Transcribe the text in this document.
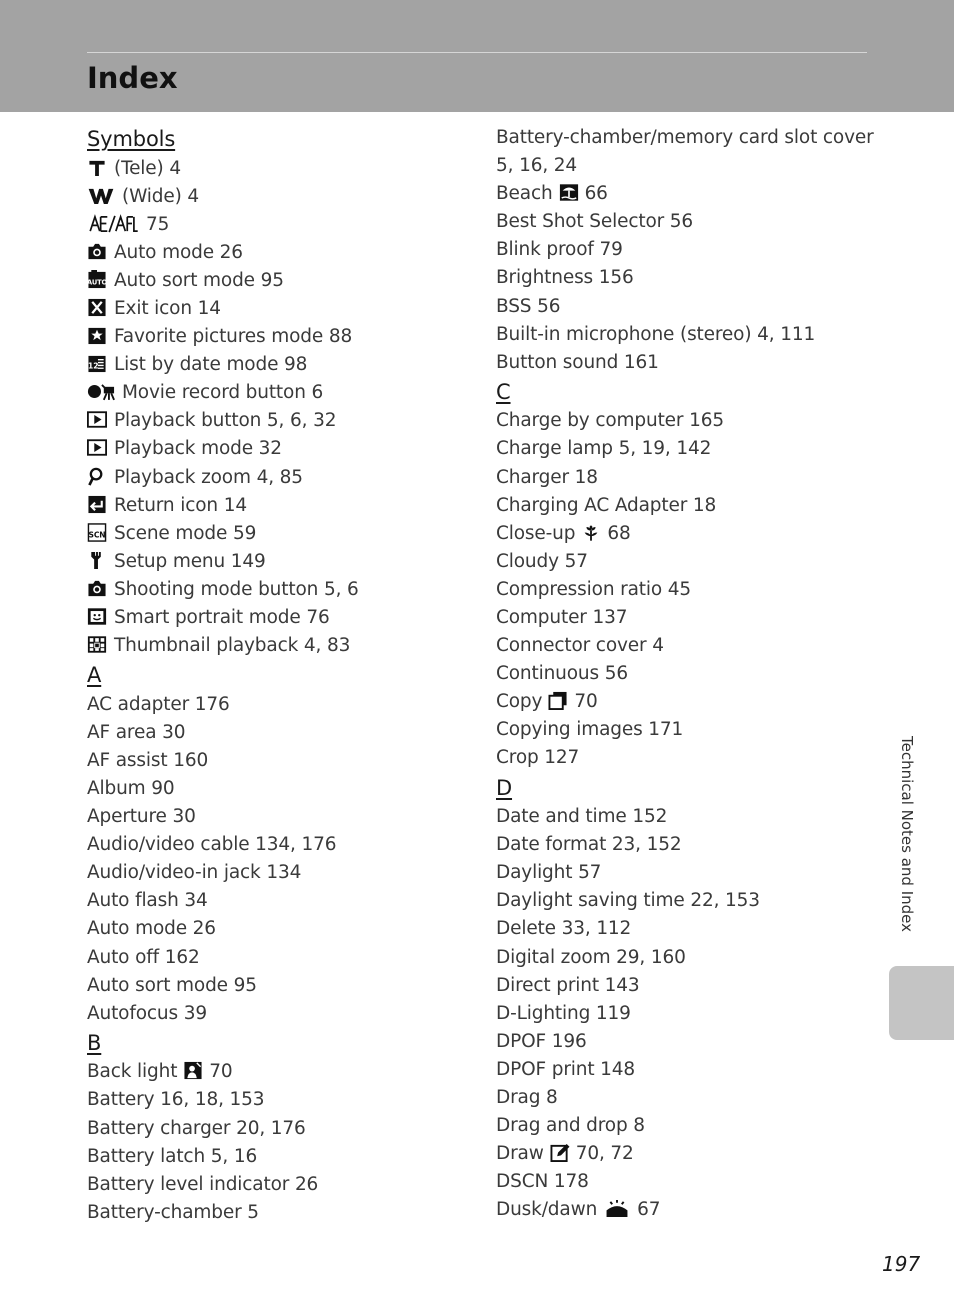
Index
Symbols
(Tele) 4
(Wide) 4
75
Auto mode 26
AUTO Auto sort mode 95
Exit icon 14
Favorite pictures mode 88
12 List by date mode 98
Movie record button 6
Playback button 5, 6, 32
Playback mode 32
Playback zoom 4, 85
Return icon 14
SCN Scene mode 59
Setup menu 149
Shooting mode button 5, 6
Smart portrait mode 76
Thumbnail playback 4, 83
A
AC adapter 176
AF area 30
AF assist 160
Album 90
Aperture 30
Audio/video cable 134, 176
Audio/video-in jack 134
Auto flash 34
Auto mode 26
Auto off 162
Auto sort mode 95
Autofocus 39
B
Back light 70
Battery 16, 18, 153
Battery charger 20, 176
Battery latch 5, 16
Battery level indicator 26
Battery-chamber 5
Battery-chamber/memory card slot cover
5, 16, 24
Beach 66
Best Shot Selector 56
Blink proof 79
Brightness 156
BSS 56
Built-in microphone (stereo) 4, 111
Button sound 161
C
Charge by computer 165
Charge lamp 5, 19, 142
Charger 18
Charging AC Adapter 18
Close-up 68
Cloudy 57
Compression ratio 45
Computer 137
Connector cover 4
Continuous 56
Copy 70
Copying images 171
Crop 127
D
Date and time 152
Date format 23, 152
Daylight 57
Daylight saving time 22, 153
Delete 33, 112
Digital zoom 29, 160
Direct print 143
D-Lighting 119
DPOF 196
DPOF print 148
Drag 8
Drag and drop 8
Draw 70, 72
DSCN 178
Dusk/dawn 67
Technical Notes and Index
197
